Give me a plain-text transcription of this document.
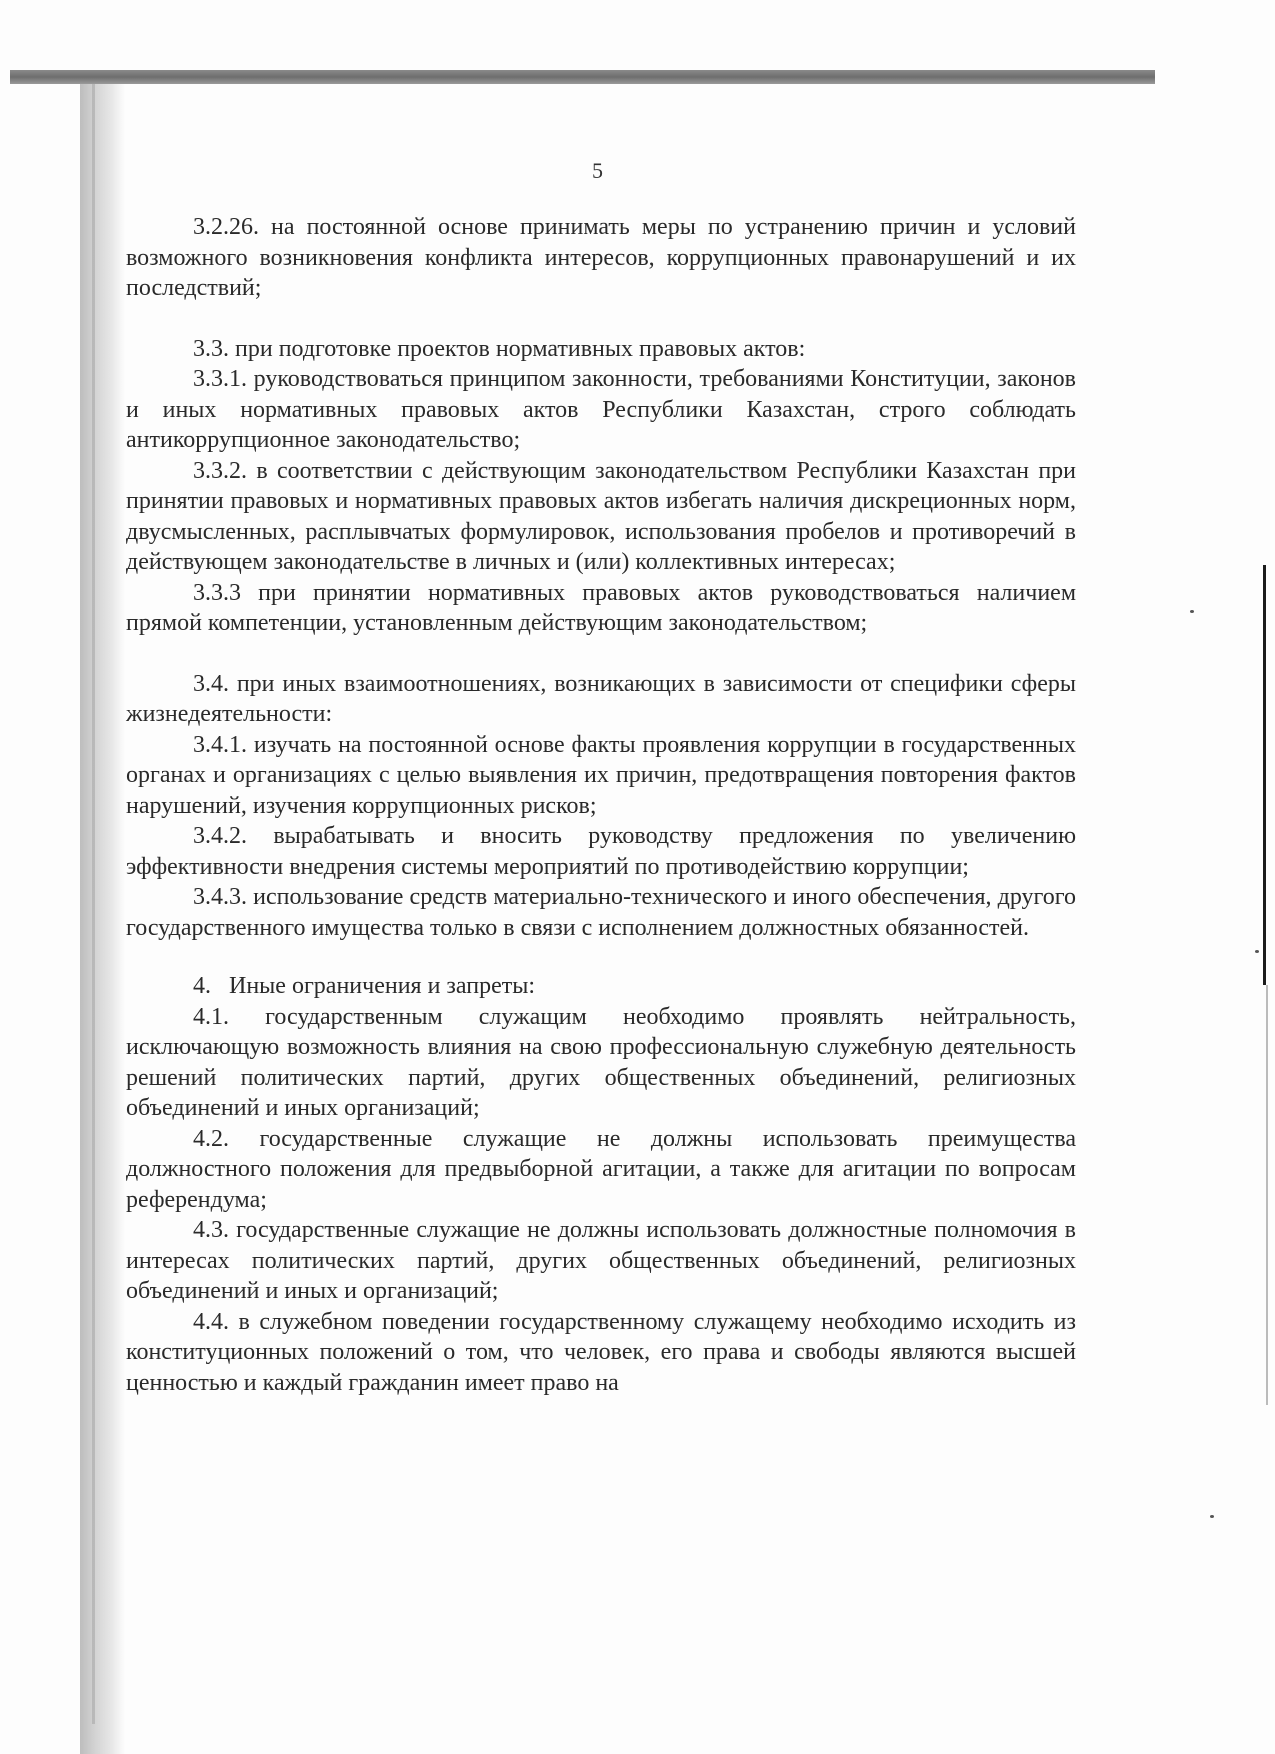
5

3.2.26. на постоянной основе принимать меры по устранению причин и условий возможного возникновения конфликта интересов, коррупционных правонарушений и их последствий;

3.3. при подготовке проектов нормативных правовых актов:

3.3.1. руководствоваться принципом законности, требованиями Конституции, законов и иных нормативных правовых актов Республики Казахстан, строго соблюдать антикоррупционное законодательство;

3.3.2. в соответствии с действующим законодательством Республики Казахстан при принятии правовых и нормативных правовых актов избегать наличия дискреционных норм, двусмысленных, расплывчатых формулировок, использования пробелов и противоречий в действующем законодательстве в личных и (или) коллективных интересах;

3.3.3 при принятии нормативных правовых актов руководствоваться наличием прямой компетенции, установленным действующим законодательством;

3.4. при иных взаимоотношениях, возникающих в зависимости от специфики сферы жизнедеятельности:

3.4.1. изучать на постоянной основе факты проявления коррупции в государственных органах и организациях с целью выявления их причин, предотвращения повторения фактов нарушений, изучения коррупционных рисков;

3.4.2. вырабатывать и вносить руководству предложения по увеличению эффективности внедрения системы мероприятий по противодействию коррупции;

3.4.3. использование средств материально-технического и иного обеспечения, другого государственного имущества только в связи с исполнением должностных обязанностей.

4.   Иные ограничения и запреты:

4.1. государственным служащим необходимо проявлять нейтральность, исключающую возможность влияния на свою профессиональную служебную деятельность решений политических партий, других общественных объединений, религиозных объединений и иных организаций;

4.2. государственные служащие не должны использовать преимущества должностного положения для предвыборной агитации, а также для агитации по вопросам референдума;

4.3. государственные служащие не должны использовать должностные полномочия в интересах политических партий, других общественных объединений, религиозных объединений и иных и организаций;

4.4. в служебном поведении государственному служащему необходимо исходить из конституционных положений о том, что человек, его права и свободы являются высшей ценностью и каждый гражданин имеет право на
